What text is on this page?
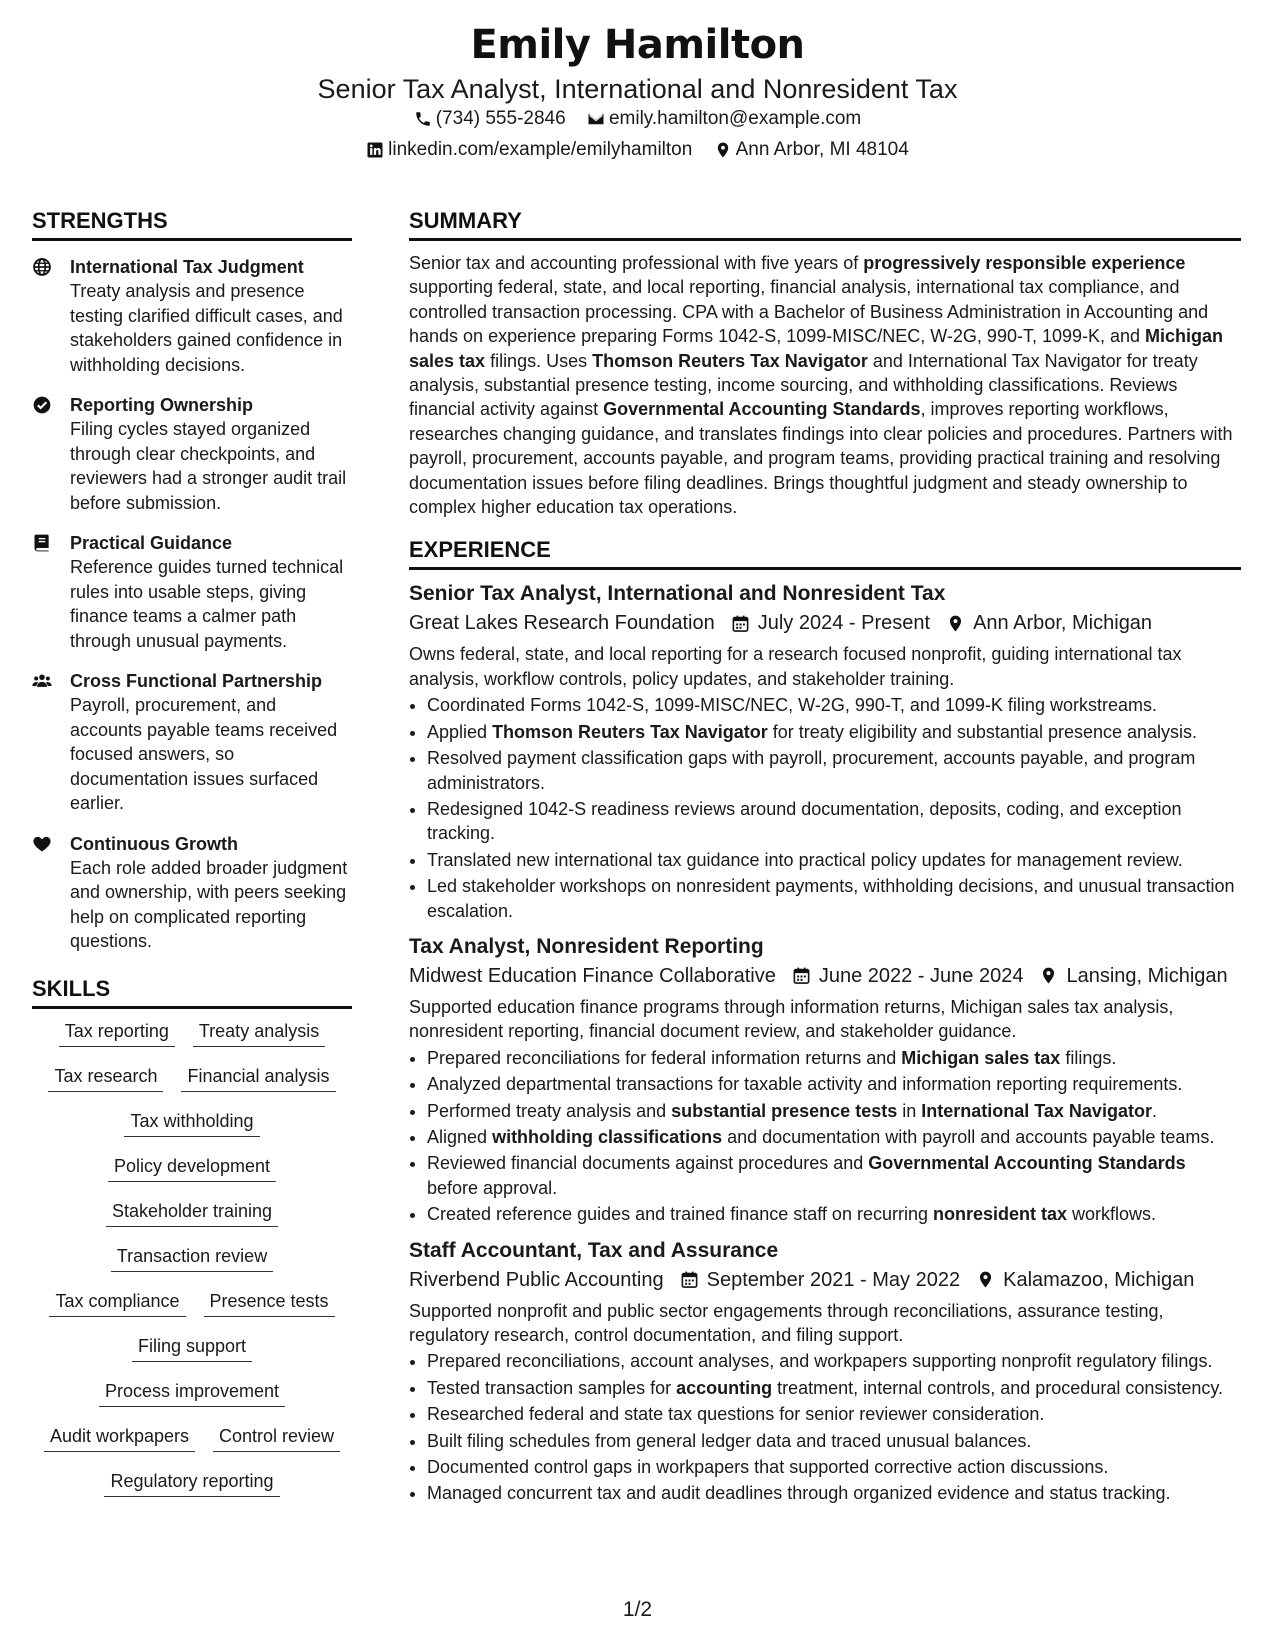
Emily Hamilton
Senior Tax Analyst, International and Nonresident Tax
(734) 555-2846
emily.hamilton@example.com
linkedin.com/example/emilyhamilton
Ann Arbor, MI 48104
STRENGTHS
International Tax Judgment
Treaty analysis and presence testing clarified difficult cases, and stakeholders gained confidence in withholding decisions.
Reporting Ownership
Filing cycles stayed organized through clear checkpoints, and reviewers had a stronger audit trail before submission.
Practical Guidance
Reference guides turned technical rules into usable steps, giving finance teams a calmer path through unusual payments.
Cross Functional Partnership
Payroll, procurement, and accounts payable teams received focused answers, so documentation issues surfaced earlier.
Continuous Growth
Each role added broader judgment and ownership, with peers seeking help on complicated reporting questions.
SKILLS
Tax reporting	Treaty analysis
Tax research	Financial analysis
Tax withholding
Policy development
Stakeholder training
Transaction review
Tax compliance	Presence tests
Filing support
Process improvement
Audit workpapers	Control review
Regulatory reporting
SUMMARY
Senior tax and accounting professional with five years of progressively responsible experience supporting federal, state, and local reporting, financial analysis, international tax compliance, and controlled transaction processing. CPA with a Bachelor of Business Administration in Accounting and hands on experience preparing Forms 1042-S, 1099-MISC/NEC, W-2G, 990-T, 1099-K, and Michigan sales tax filings. Uses Thomson Reuters Tax Navigator and International Tax Navigator for treaty analysis, substantial presence testing, income sourcing, and withholding classifications. Reviews financial activity against Governmental Accounting Standards, improves reporting workflows, researches changing guidance, and translates findings into clear policies and procedures. Partners with payroll, procurement, accounts payable, and program teams, providing practical training and resolving documentation issues before filing deadlines. Brings thoughtful judgment and steady ownership to complex higher education tax operations.
EXPERIENCE
Senior Tax Analyst, International and Nonresident Tax
Great Lakes Research Foundation July 2024 - Present Ann Arbor, Michigan
Owns federal, state, and local reporting for a research focused nonprofit, guiding international tax analysis, workflow controls, policy updates, and stakeholder training.
• Coordinated Forms 1042-S, 1099-MISC/NEC, W-2G, 990-T, and 1099-K filing workstreams.
• Applied Thomson Reuters Tax Navigator for treaty eligibility and substantial presence analysis.
• Resolved payment classification gaps with payroll, procurement, accounts payable, and program administrators.
• Redesigned 1042-S readiness reviews around documentation, deposits, coding, and exception tracking.
• Translated new international tax guidance into practical policy updates for management review.
• Led stakeholder workshops on nonresident payments, withholding decisions, and unusual transaction escalation.
Tax Analyst, Nonresident Reporting
Midwest Education Finance Collaborative June 2022 - June 2024 Lansing, Michigan
Supported education finance programs through information returns, Michigan sales tax analysis, nonresident reporting, financial document review, and stakeholder guidance.
• Prepared reconciliations for federal information returns and Michigan sales tax filings.
• Analyzed departmental transactions for taxable activity and information reporting requirements.
• Performed treaty analysis and substantial presence tests in International Tax Navigator.
• Aligned withholding classifications and documentation with payroll and accounts payable teams.
• Reviewed financial documents against procedures and Governmental Accounting Standards before approval.
• Created reference guides and trained finance staff on recurring nonresident tax workflows.
Staff Accountant, Tax and Assurance
Riverbend Public Accounting September 2021 - May 2022 Kalamazoo, Michigan
Supported nonprofit and public sector engagements through reconciliations, assurance testing, regulatory research, control documentation, and filing support.
• Prepared reconciliations, account analyses, and workpapers supporting nonprofit regulatory filings.
• Tested transaction samples for accounting treatment, internal controls, and procedural consistency.
• Researched federal and state tax questions for senior reviewer consideration.
• Built filing schedules from general ledger data and traced unusual balances.
• Documented control gaps in workpapers that supported corrective action discussions.
• Managed concurrent tax and audit deadlines through organized evidence and status tracking.
1/2
